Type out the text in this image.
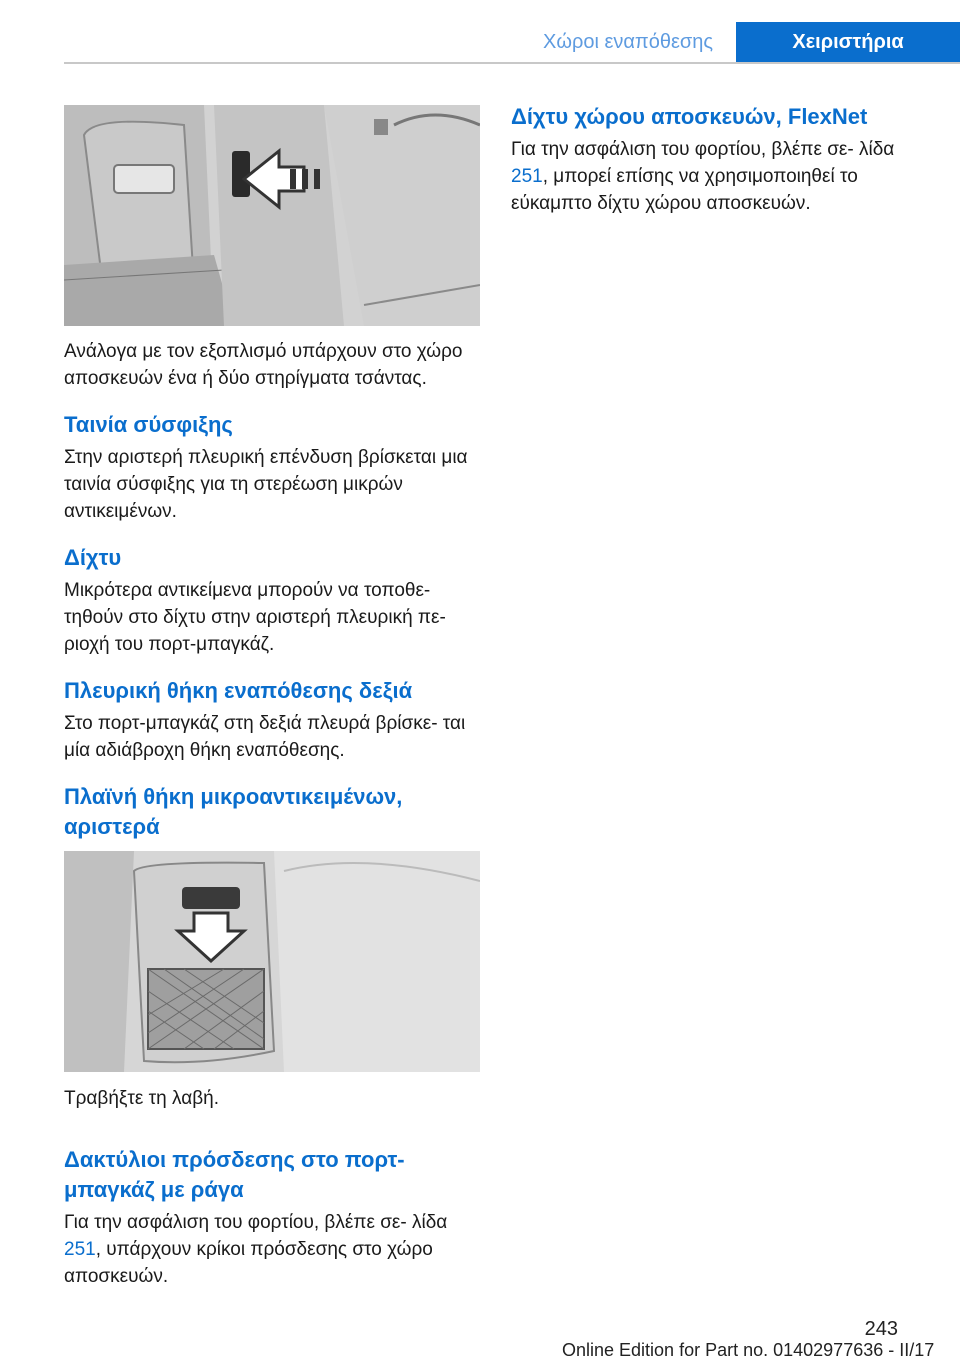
Χώροι εναπόθεσης	Χειριστήρια
Ανάλογα με τον εξοπλισμό υπάρχουν στο χώρο αποσκευών ένα ή δύο στηρίγματα τσάντας.
Ταινία σύσφιξης

Στην αριστερή πλευρική επένδυση βρίσκεται μια ταινία σύσφιξης για τη στερέωση μικρών αντικειμένων.

Δίχτυ

Μικρότερα αντικείμενα μπορούν να τοποθε‐ τηθούν στο δίχτυ στην αριστερή πλευρική πε‐ ριοχή του πορτ-μπαγκάζ.

Πλευρική θήκη εναπόθεσης δεξιά

Στο πορτ-μπαγκάζ στη δεξιά πλευρά βρίσκε‐ ται μία αδιάβροχη θήκη εναπόθεσης.

Πλαϊνή θήκη μικροαντικειμένων, αριστερά
Τραβήξτε τη λαβή.
Δακτύλιοι πρόσδεσης στο πορτ- μπαγκάζ με ράγα

Για την ασφάλιση του φορτίου, βλέπε σε‐ λίδα 251, υπάρχουν κρίκοι πρόσδεσης στο χώρο αποσκευών.

Δίχτυ χώρου αποσκευών, FlexNet

Για την ασφάλιση του φορτίου, βλέπε σε‐ λίδα 251, μπορεί επίσης να χρησιμοποιηθεί το εύκαμπτο δίχτυ χώρου αποσκευών.

243
Online Edition for Part no. 01402977636 - II/17
